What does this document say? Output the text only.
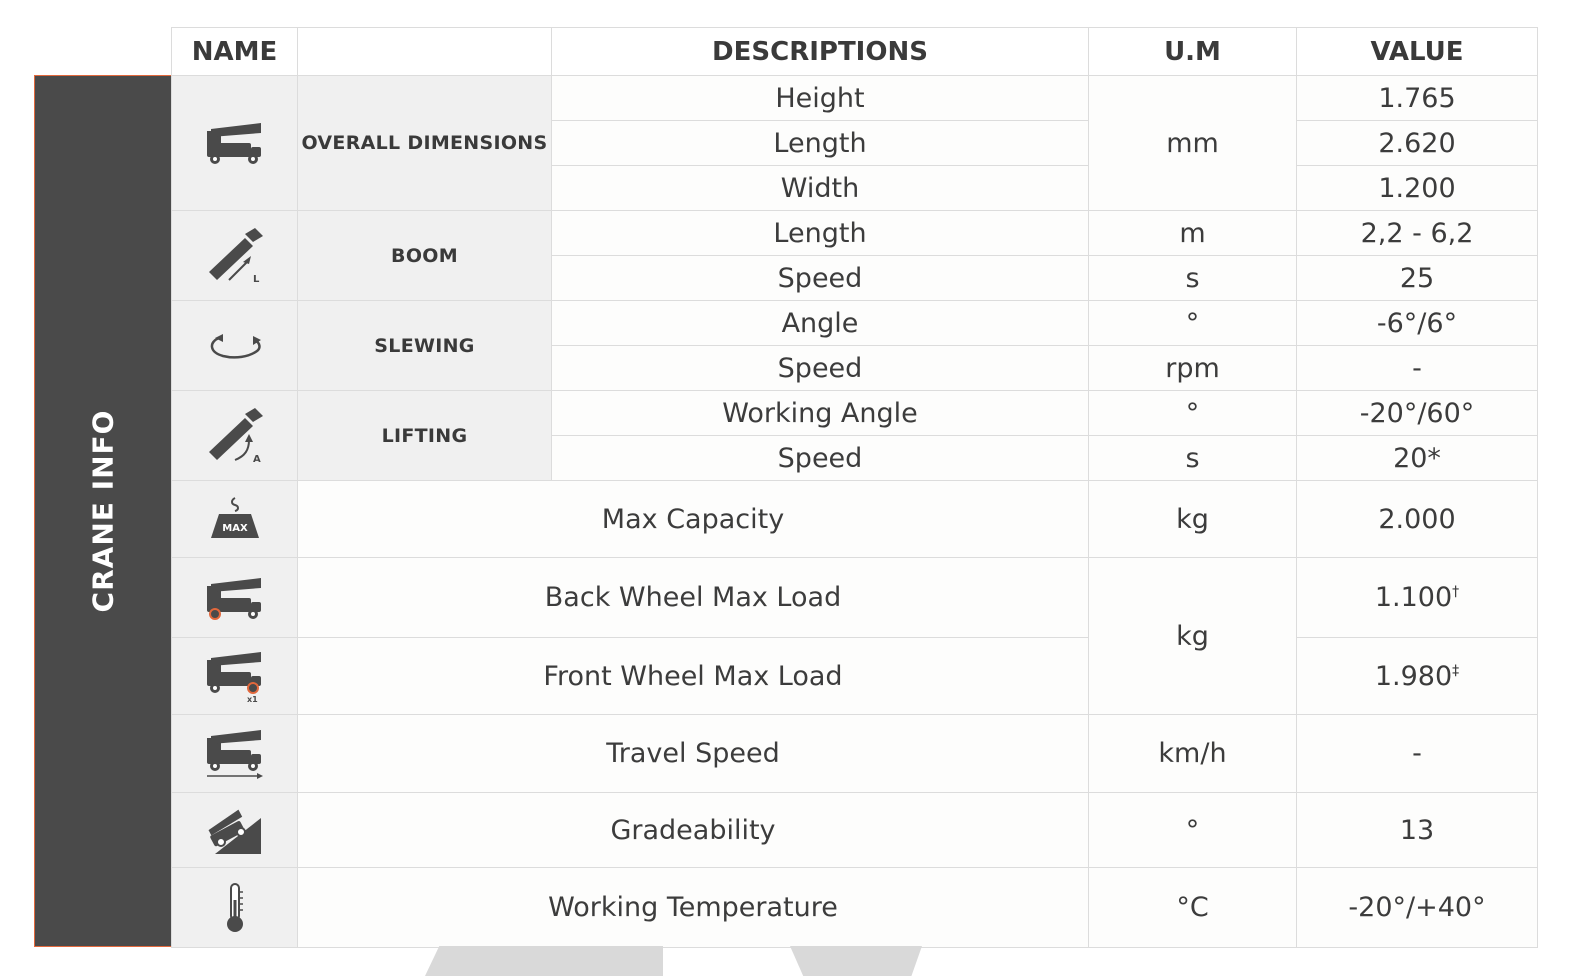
CRANE INFO
NAME		DESCRIPTIONS	U.M	VALUE
	OVERALL DIMENSIONS	Height	mm	1.765
		Length		2.620
		Width		1.200

L	BOOM	Length	m	2,2 - 6,2
		Speed	s	25
	SLEWING	Angle	°	-6°/6°
		Speed	rpm	-

A	LIFTING	Working Angle	°	-20°/60°
		Speed	s	20*

MAX	Max Capacity		kg	2.000
	Back Wheel Max Load		kg	1.100†

x1	Front Wheel Max Load			1.980‡
	Travel Speed		km/h	-
	Gradeability		°	13
	Working Temperature		°C	-20°/+40°
